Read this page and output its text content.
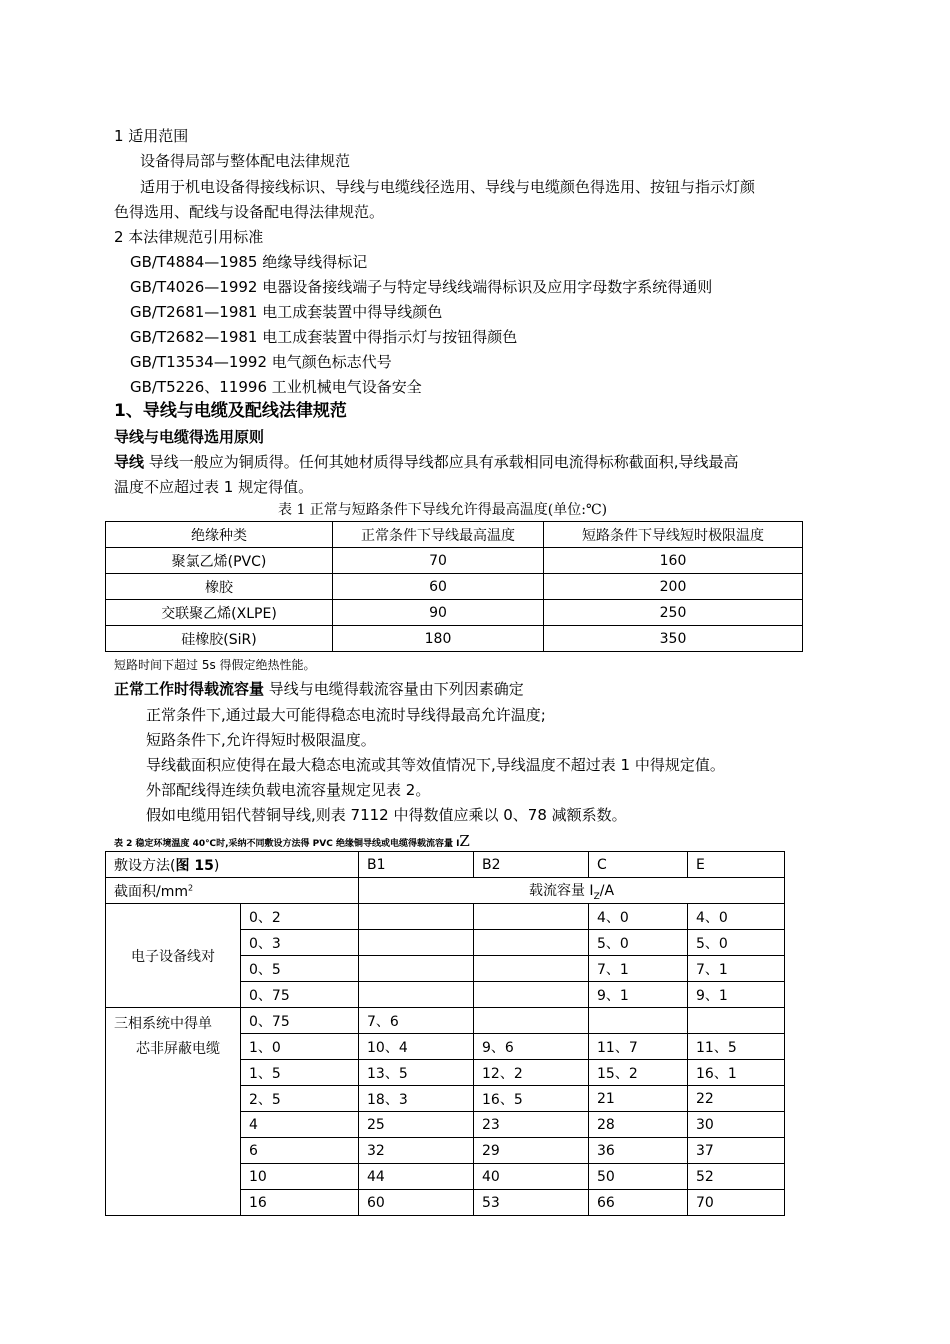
1 适用范围
设备得局部与整体配电法律规范
适用于机电设备得接线标识、导线与电缆线径选用、导线与电缆颜色得选用、按钮与指示灯颜
色得选用、配线与设备配电得法律规范。
2 本法律规范引用标准
GB/T4884—1985 绝缘导线得标记
GB/T4026—1992 电器设备接线端子与特定导线线端得标识及应用字母数字系统得通则
GB/T2681—1981 电工成套装置中得导线颜色
GB/T2682—1981 电工成套装置中得指示灯与按钮得颜色
GB/T13534—1992 电气颜色标志代号
GB/T5226、11996 工业机械电气设备安全
1、导线与电缆及配线法律规范
导线与电缆得选用原则
导线 导线一般应为铜质得。任何其她材质得导线都应具有承载相同电流得标称截面积,导线最高
温度不应超过表 1 规定得值。
表 1 正常与短路条件下导线允许得最高温度(单位:℃)
绝缘种类	正常条件下导线最高温度	短路条件下导线短时极限温度
聚氯乙烯(PVC)	70	160
橡胶	60	200
交联聚乙烯(XLPE)	90	250
硅橡胶(SiR)	180	350
短路时间下超过 5s 得假定绝热性能。
正常工作时得载流容量 导线与电缆得载流容量由下列因素确定
正常条件下,通过最大可能得稳态电流时导线得最高允许温度;
短路条件下,允许得短时极限温度。
导线截面积应使得在最大稳态电流或其等效值情况下,导线温度不超过表 1 中得规定值。
外部配线得连续负载电流容量规定见表 2。
假如电缆用铝代替铜导线,则表 7112 中得数值应乘以 0、78 减额系数。
表 2 稳定环境温度 40℃时,采纳不同敷设方法得 PVC 绝缘铜导线或电缆得载流容量 IZ
敷设方法(图 15)		B1	B2	C	E
截面积$/mm^2$		载流容量 $I_Z/A$			
电子设备线对	0、2			4、0	4、0
	0、3			5、0	5、0
	0、5			7、1	7、1
	0、75			9、1	9、1
三相系统中得单
芯非屏蔽电缆	0、75	7、6			
	1、0	10、4	9、6	11、7	11、5
	1、5	13、5	12、2	15、2	16、1
	2、5	18、3	16、5	21	22
	4	25	23	28	30
	6	32	29	36	37
	10	44	40	50	52
	16	60	53	66	70
